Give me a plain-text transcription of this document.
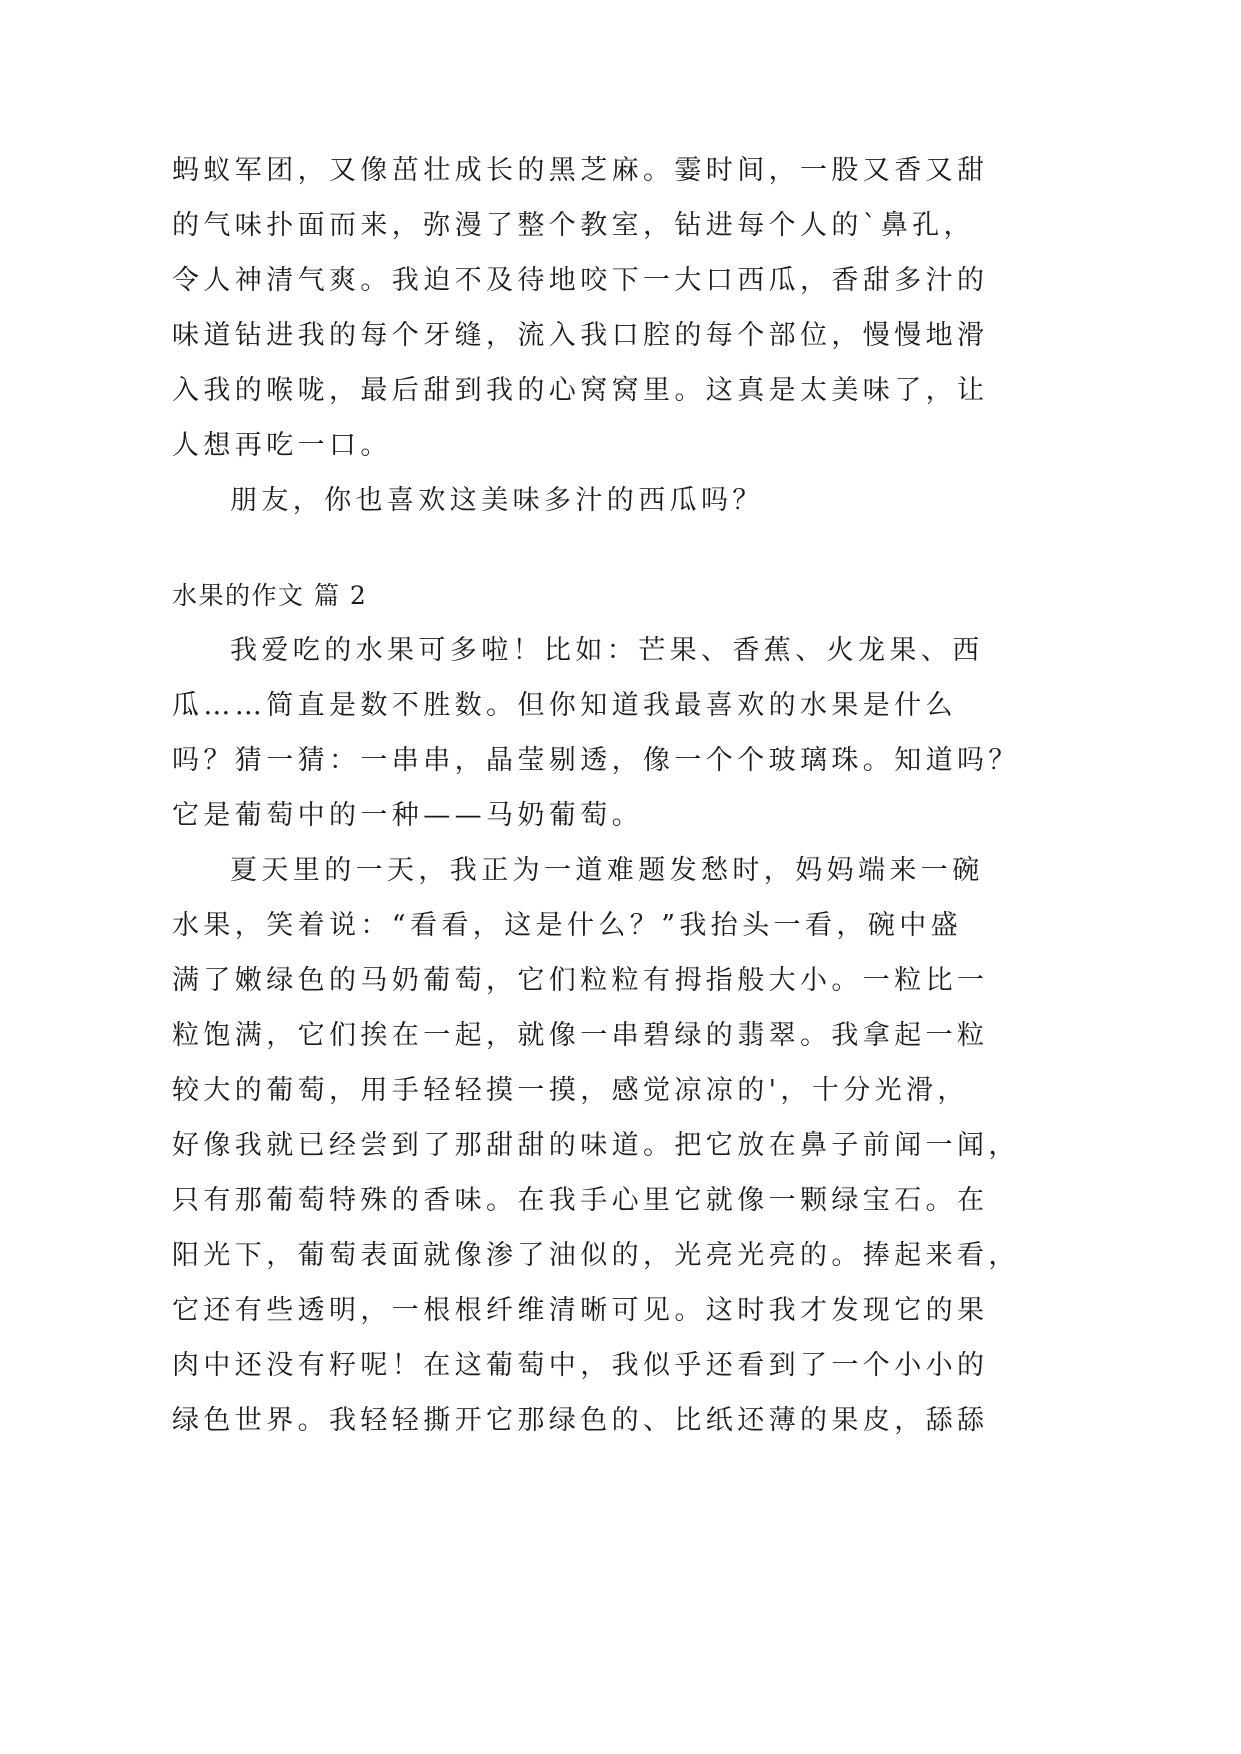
蚂蚁军团，又像茁壮成长的黑芝麻。霎时间，一股又香又甜
的气味扑面而来，弥漫了整个教室，钻进每个人的`鼻孔，
令人神清气爽。我迫不及待地咬下一大口西瓜，香甜多汁的
味道钻进我的每个牙缝，流入我口腔的每个部位，慢慢地滑
入我的喉咙，最后甜到我的心窝窝里。这真是太美味了，让
人想再吃一口。
朋友，你也喜欢这美味多汁的西瓜吗？
水果的作文 篇 2
我爱吃的水果可多啦！比如：芒果、香蕉、火龙果、西
瓜……简直是数不胜数。但你知道我最喜欢的水果是什么
吗？猜一猜：一串串，晶莹剔透，像一个个玻璃珠。知道吗？
它是葡萄中的一种——马奶葡萄。
夏天里的一天，我正为一道难题发愁时，妈妈端来一碗
水果，笑着说：“看看，这是什么？”我抬头一看，碗中盛
满了嫩绿色的马奶葡萄，它们粒粒有拇指般大小。一粒比一
粒饱满，它们挨在一起，就像一串碧绿的翡翠。我拿起一粒
较大的葡萄，用手轻轻摸一摸，感觉凉凉的'，十分光滑，
好像我就已经尝到了那甜甜的味道。把它放在鼻子前闻一闻，
只有那葡萄特殊的香味。在我手心里它就像一颗绿宝石。在
阳光下，葡萄表面就像渗了油似的，光亮光亮的。捧起来看，
它还有些透明，一根根纤维清晰可见。这时我才发现它的果
肉中还没有籽呢！在这葡萄中，我似乎还看到了一个小小的
绿色世界。我轻轻撕开它那绿色的、比纸还薄的果皮，舔舔
